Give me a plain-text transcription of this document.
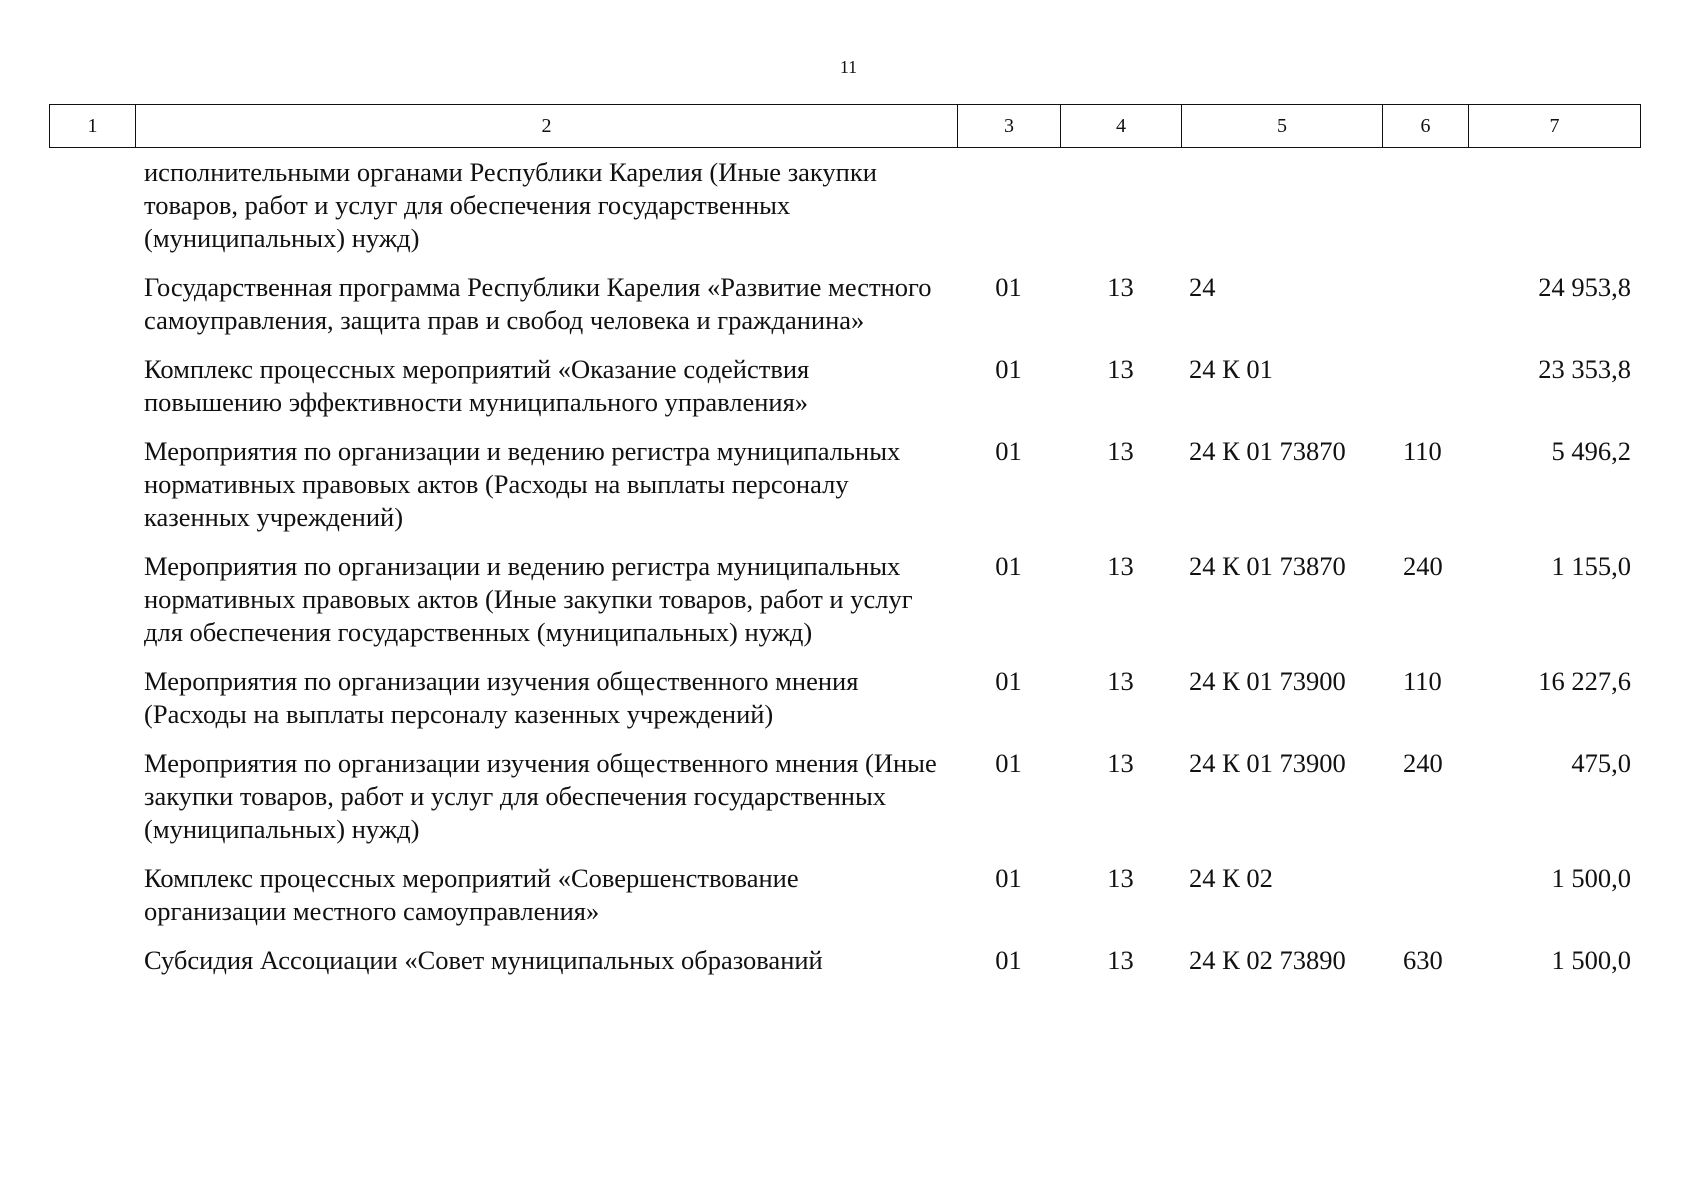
11
1	2	3	4	5	6	7
	исполнительными органами Республики Карелия (Иные закупки товаров, работ и услуг для обеспечения государственных (муниципальных) нужд)					
	Государственная программа Республики Карелия «Развитие местного самоуправления, защита прав и свобод человека и гражданина»	01	13	24		24 953,8
	Комплекс процессных мероприятий «Оказание содействия повышению эффективности муниципального управления»	01	13	24 К 01		23 353,8
	Мероприятия по организации и ведению регистра муниципальных нормативных правовых актов (Расходы на выплаты персоналу казенных учреждений)	01	13	24 К 01 73870	110	5 496,2
	Мероприятия по организации и ведению регистра муниципальных нормативных правовых актов (Иные закупки товаров, работ и услуг для обеспечения государственных (муниципальных) нужд)	01	13	24 К 01 73870	240	1 155,0
	Мероприятия по организации изучения общественного мнения (Расходы на выплаты персоналу казенных учреждений)	01	13	24 К 01 73900	110	16 227,6
	Мероприятия по организации изучения общественного мнения (Иные закупки товаров, работ и услуг для обеспечения государственных (муниципальных) нужд)	01	13	24 К 01 73900	240	475,0
	Комплекс процессных мероприятий «Совершенствование организации местного самоуправления»	01	13	24 К 02		1 500,0
	Субсидия Ассоциации «Совет муниципальных образований	01	13	24 К 02 73890	630	1 500,0
